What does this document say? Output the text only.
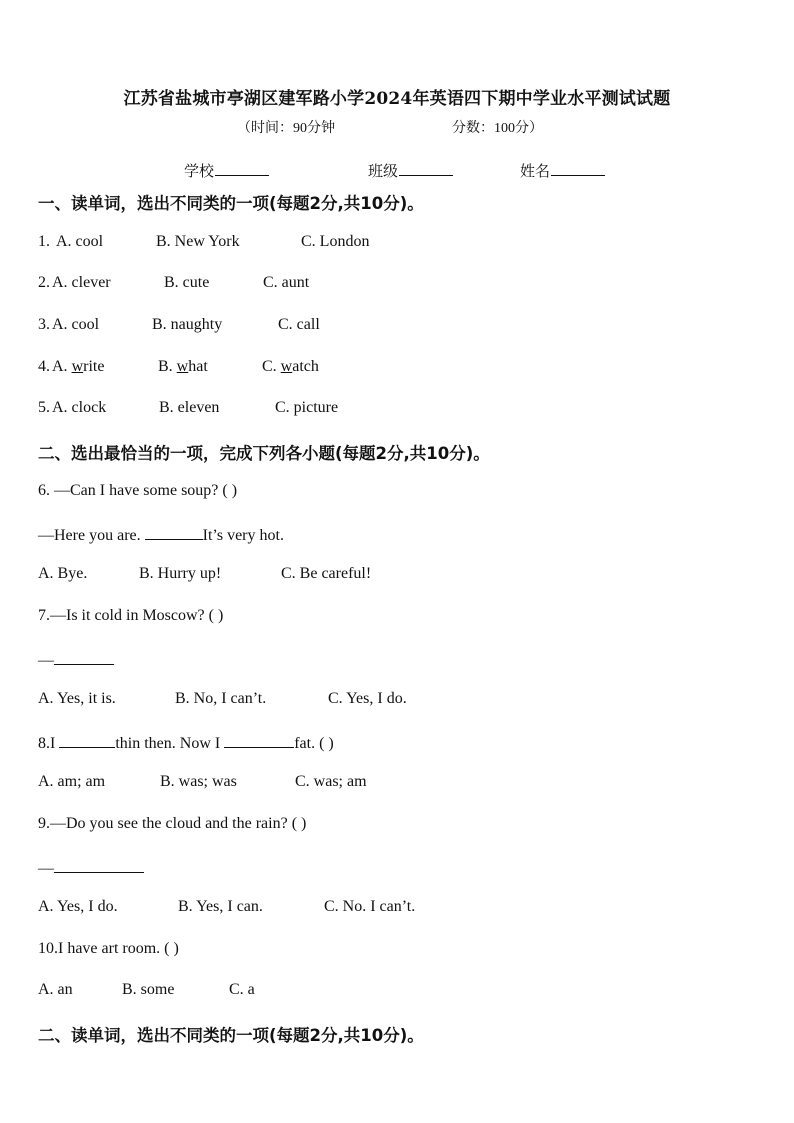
江苏省盐城市亭湖区建军路小学2024年英语四下期中学业水平测试试题
（时间：90分钟	分数：100分）
学校	班级	姓名
一、读单词，选出不同类的一项(每题2分,共10分)。
1. A. cool	B. New York	C. London
2. A. clever	B. cute	C. aunt
3. A. cool	B. naughty	C. call
4. A. write	B. what	C. watch
5. A. clock	B. eleven	C. picture
二、选出最恰当的一项，完成下列各小题(每题2分,共10分)。
6. —Can I have some soup? ( )
—Here you are.	It’s very hot.
A. Bye.	B. Hurry up!	C. Be careful!
7.—Is it cold in Moscow? ( )
—
A. Yes, it is.	B. No, I can’t.	C. Yes, I do.
8.I	thin then. Now I	fat. ( )
A. am; am	B. was; was	C. was; am
9.—Do you see the cloud and the rain? ( )
—
A. Yes, I do.	B. Yes, I can.	C. No. I can’t.
10.I have art room. ( )
A. an	B. some	C. a
二、读单词，选出不同类的一项(每题2分,共10分)。
